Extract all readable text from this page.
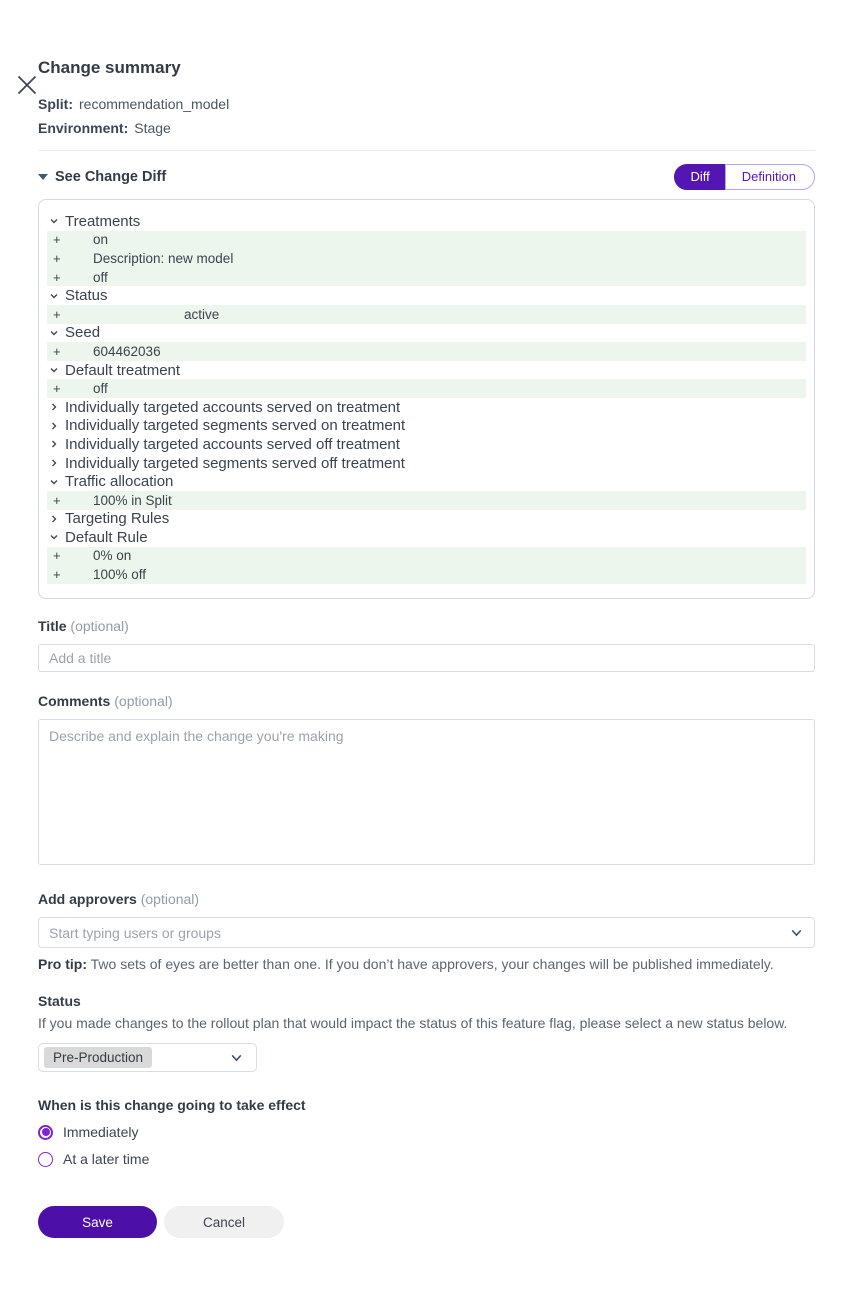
Change summary
Split: recommendation_model
Environment: Stage
See Change Diff	Diff	Definition
Treatments
+	on
+	Description: new model
+	off
Status
+	active
Seed
+	604462036
Default treatment
+	off
Individually targeted accounts served on treatment
Individually targeted segments served on treatment
Individually targeted accounts served off treatment
Individually targeted segments served off treatment
Traffic allocation
+	100% in Split
Targeting Rules
Default Rule
+	0% on
+	100% off
Title (optional)
Add a title
Comments (optional)
Describe and explain the change you're making
Add approvers (optional)
Start typing users or groups
Pro tip: Two sets of eyes are better than one. If you don’t have approvers, your changes will be published immediately.
Status
If you made changes to the rollout plan that would impact the status of this feature flag, please select a new status below.
Pre-Production
When is this change going to take effect
Immediately
At a later time
Save	Cancel
